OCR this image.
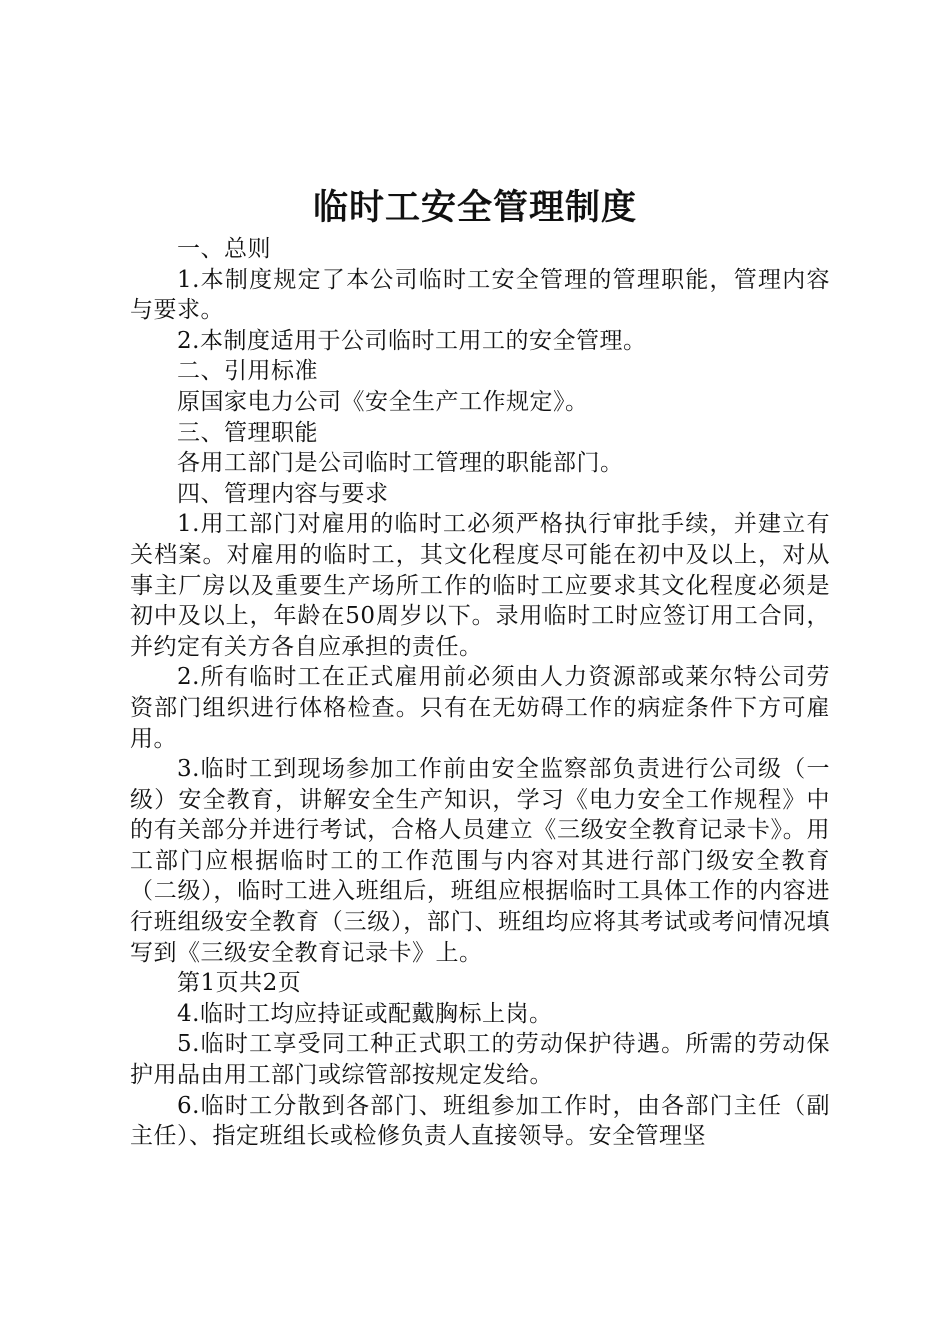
临时工安全管理制度

一、总则

1.本制度规定了本公司临时工安全管理的管理职能，管理内容与要求。

2.本制度适用于公司临时工用工的安全管理。

二、引用标准

原国家电力公司《安全生产工作规定》。

三、管理职能

各用工部门是公司临时工管理的职能部门。

四、管理内容与要求

1.用工部门对雇用的临时工必须严格执行审批手续，并建立有关档案。对雇用的临时工，其文化程度尽可能在初中及以上，对从事主厂房以及重要生产场所工作的临时工应要求其文化程度必须是初中及以上，年龄在50周岁以下。录用临时工时应签订用工合同，并约定有关方各自应承担的责任。

2.所有临时工在正式雇用前必须由人力资源部或莱尔特公司劳资部门组织进行体格检查。只有在无妨碍工作的病症条件下方可雇用。

3.临时工到现场参加工作前由安全监察部负责进行公司级（一级）安全教育，讲解安全生产知识，学习《电力安全工作规程》中的有关部分并进行考试，合格人员建立《三级安全教育记录卡》。用工部门应根据临时工的工作范围与内容对其进行部门级安全教育（二级），临时工进入班组后，班组应根据临时工具体工作的内容进行班组级安全教育（三级），部门、班组均应将其考试或考问情况填写到《三级安全教育记录卡》上。

第1页共2页

4.临时工均应持证或配戴胸标上岗。

5.临时工享受同工种正式职工的劳动保护待遇。所需的劳动保护用品由用工部门或综管部按规定发给。

6.临时工分散到各部门、班组参加工作时，由各部门主任（副主任）、指定班组长或检修负责人直接领导。安全管理坚
